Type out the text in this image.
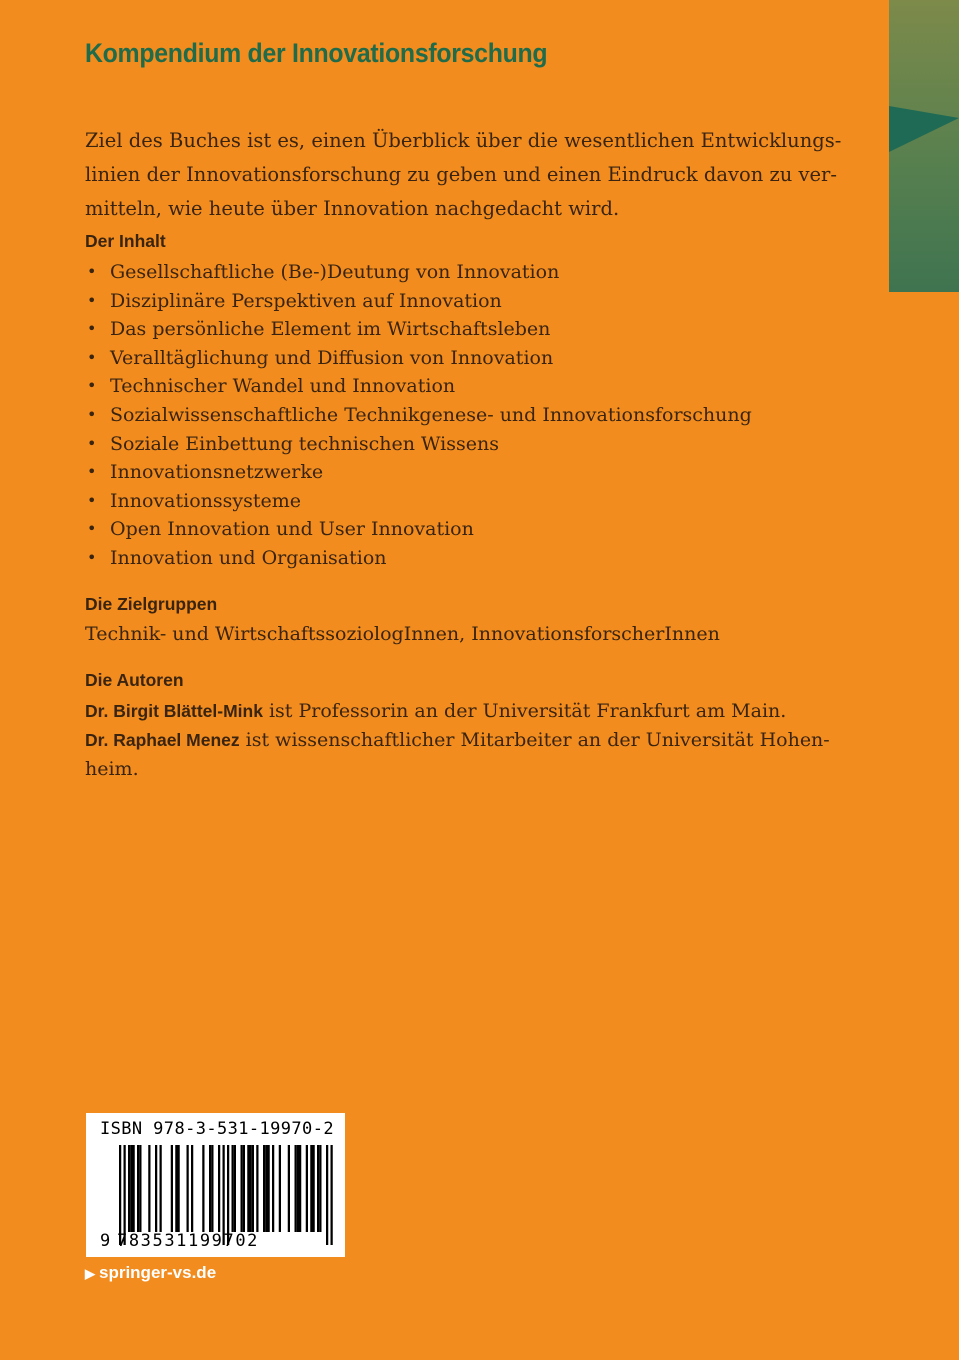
Kompendium der Innovationsforschung

Ziel des Buches ist es, einen Überblick über die wesentlichen Entwicklungs-
linien der Innovationsforschung zu geben und einen Eindruck davon zu ver-
mitteln, wie heute über Innovation nachgedacht wird.

Der Inhalt
• Gesellschaftliche (Be-)Deutung von Innovation
• Disziplinäre Perspektiven auf Innovation
• Das persönliche Element im Wirtschaftsleben
• Veralltäglichung und Diffusion von Innovation
• Technischer Wandel und Innovation
• Sozialwissenschaftliche Technikgenese- und Innovationsforschung
• Soziale Einbettung technischen Wissens
• Innovationsnetzwerke
• Innovationssysteme
• Open Innovation und User Innovation
• Innovation und Organisation
Die Zielgruppen

Technik- und WirtschaftssoziologInnen, InnovationsforscherInnen

Die Autoren

Dr. Birgit Blättel-Mink ist Professorin an der Universität Frankfurt am Main.

Dr. Raphael Menez ist wissenschaftlicher Mitarbeiter an der Universität Hohen-

heim.

ISBN 978-3-531-19970-2
9 783531199702
▶ springer-vs.de
